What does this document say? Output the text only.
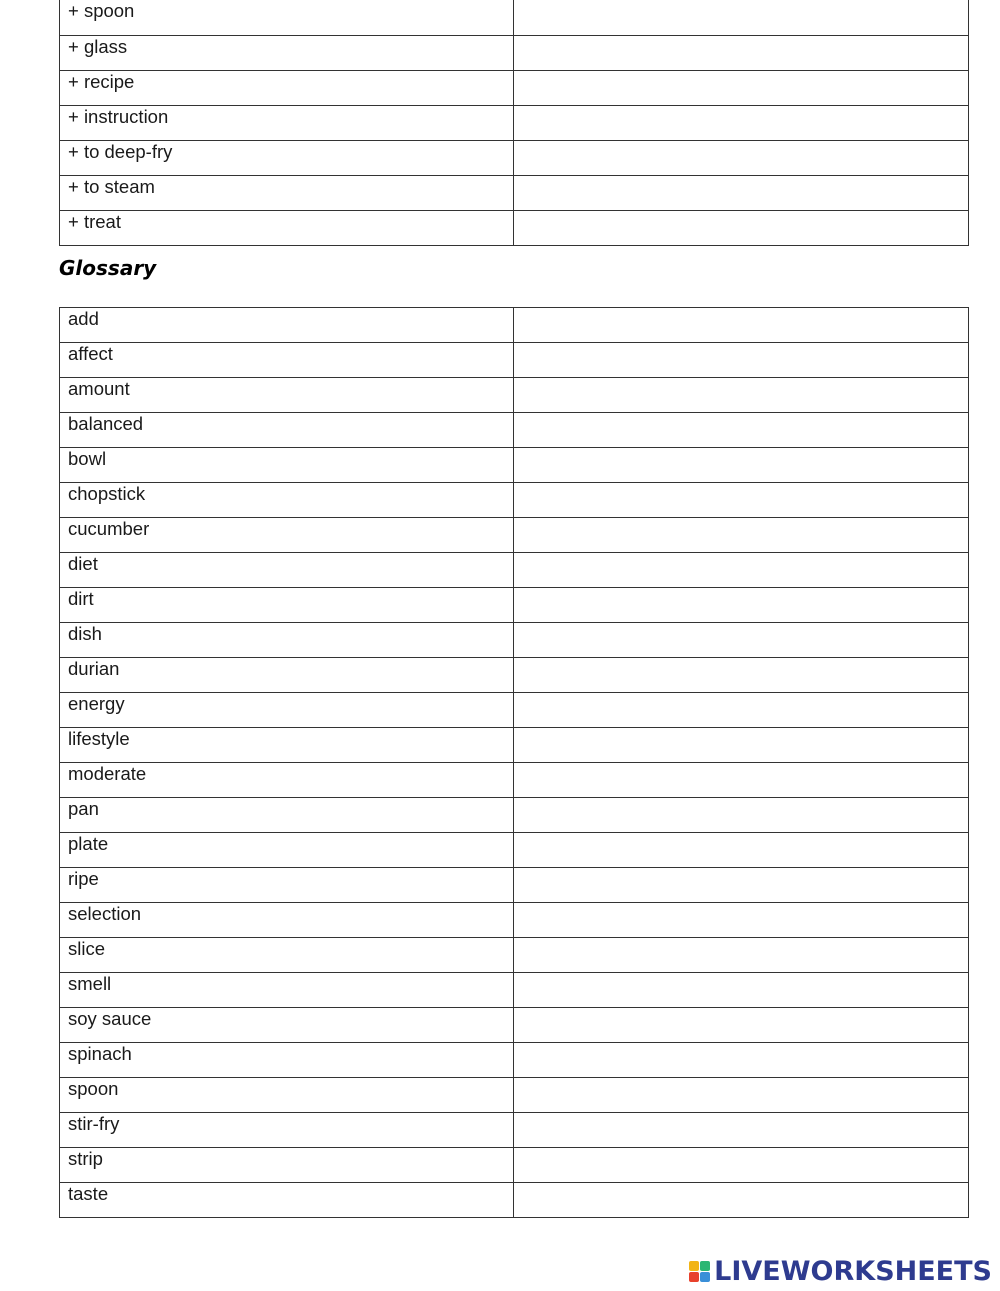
+ spoon	
+ glass	
+ recipe	
+ instruction	
+ to deep-fry	
+ to steam	
+ treat	
Glossary
add	
affect	
amount	
balanced	
bowl	
chopstick	
cucumber	
diet	
dirt	
dish	
durian	
energy	
lifestyle	
moderate	
pan	
plate	
ripe	
selection	
slice	
smell	
soy sauce	
spinach	
spoon	
stir-fry	
strip	
taste	
LIVEWORKSHEETS
